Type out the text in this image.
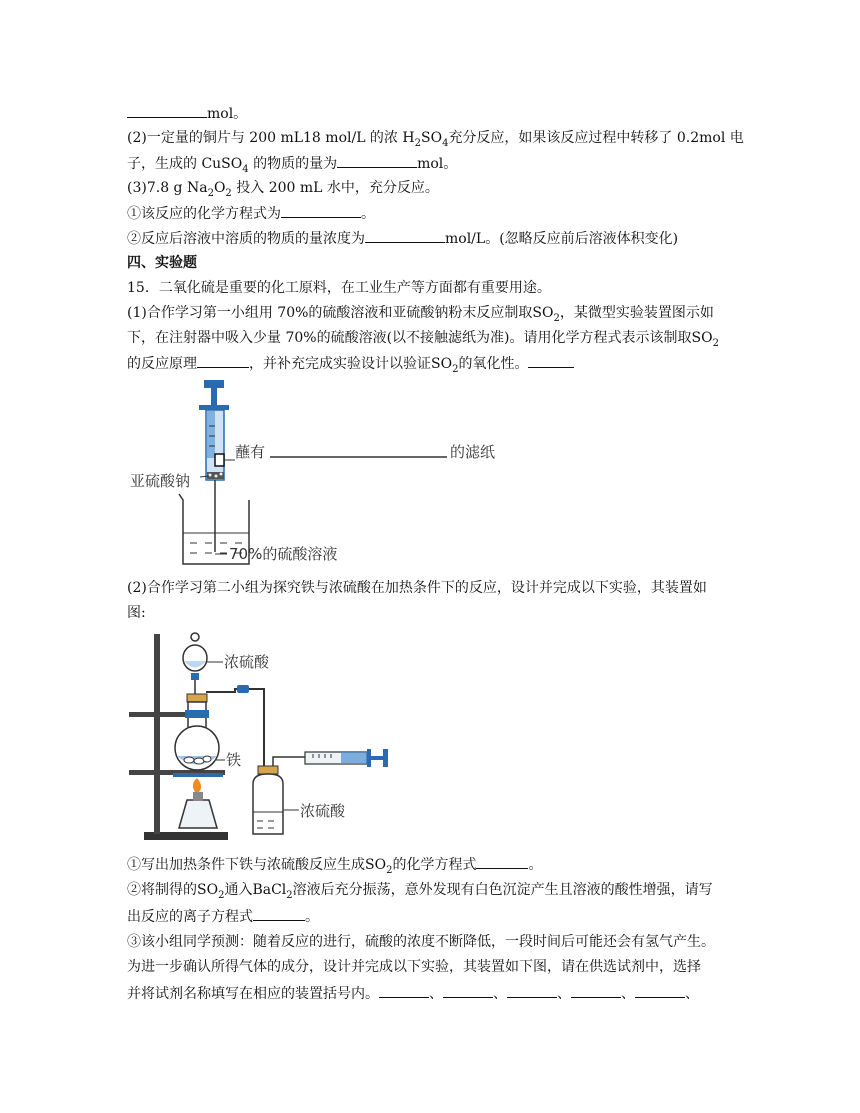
mol。
(2)一定量的铜片与 200 mL18 mol/L 的浓 $H_2SO_4$充分反应，如果该反应过程中转移了 0.2mol 电
子，生成的 CuSO$_4$ 的物质的量为	mol。
(3)7.8 g $Na_2O_2$ 投入 200 mL 水中，充分反应。
①该反应的化学方程式为	。
②反应后溶液中溶质的物质的量浓度为	mol/L。(忽略反应前后溶液体积变化)
四、实验题
15．二氧化硫是重要的化工原料，在工业生产等方面都有重要用途。
(1)合作学习第一小组用 70%的硫酸溶液和亚硫酸钠粉末反应制取$SO_2$，某微型实验装置图示如
下，在注射器中吸入少量 70%的硫酸溶液(以不接触滤纸为准)。请用化学方程式表示该制取$SO_2$
的反应原理	，并补充完成实验设计以验证$SO_2$的氧化性。
蘸有	的滤纸
亚硫酸钠
70%的硫酸溶液
(2)合作学习第二小组为探究铁与浓硫酸在加热条件下的反应，设计并完成以下实验，其装置如
图:
浓硫酸
铁
浓硫酸
①写出加热条件下铁与浓硫酸反应生成$SO_2$的化学方程式	。
②将制得的$SO_2$通入BaCl$_2$溶液后充分振荡，意外发现有白色沉淀产生且溶液的酸性增强，请写
出反应的离子方程式	。
③该小组同学预测：随着反应的进行，硫酸的浓度不断降低，一段时间后可能还会有氢气产生。
为进一步确认所得气体的成分，设计并完成以下实验，其装置如下图，请在供选试剂中，选择
并将试剂名称填写在相应的装置括号内。	、	、	、	、	、
